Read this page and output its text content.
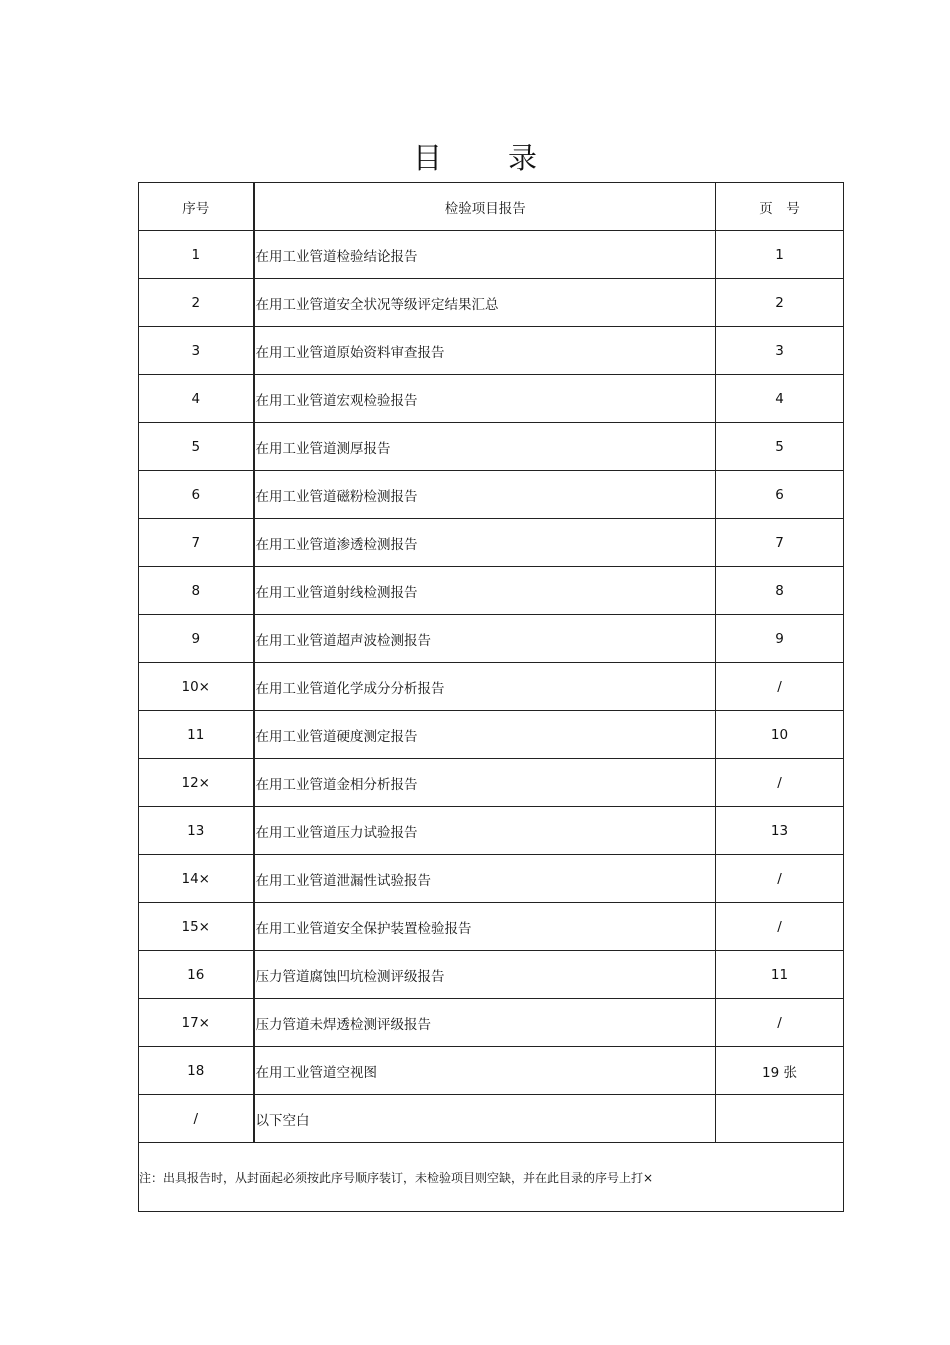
目 录
序号	检验项目报告	页　号
1	在用工业管道检验结论报告	1
2	在用工业管道安全状况等级评定结果汇总	2
3	在用工业管道原始资料审查报告	3
4	在用工业管道宏观检验报告	4
5	在用工业管道测厚报告	5
6	在用工业管道磁粉检测报告	6
7	在用工业管道渗透检测报告	7
8	在用工业管道射线检测报告	8
9	在用工业管道超声波检测报告	9
10×	在用工业管道化学成分分析报告	/
11	在用工业管道硬度测定报告	10
12×	在用工业管道金相分析报告	/
13	在用工业管道压力试验报告	13
14×	在用工业管道泄漏性试验报告	/
15×	在用工业管道安全保护装置检验报告	/
16	压力管道腐蚀凹坑检测评级报告	11
17×	压力管道未焊透检测评级报告	/
18	在用工业管道空视图	19 张
/	以下空白	
注：出具报告时，从封面起必须按此序号顺序装订，未检验项目则空缺，并在此目录的序号上打×		
